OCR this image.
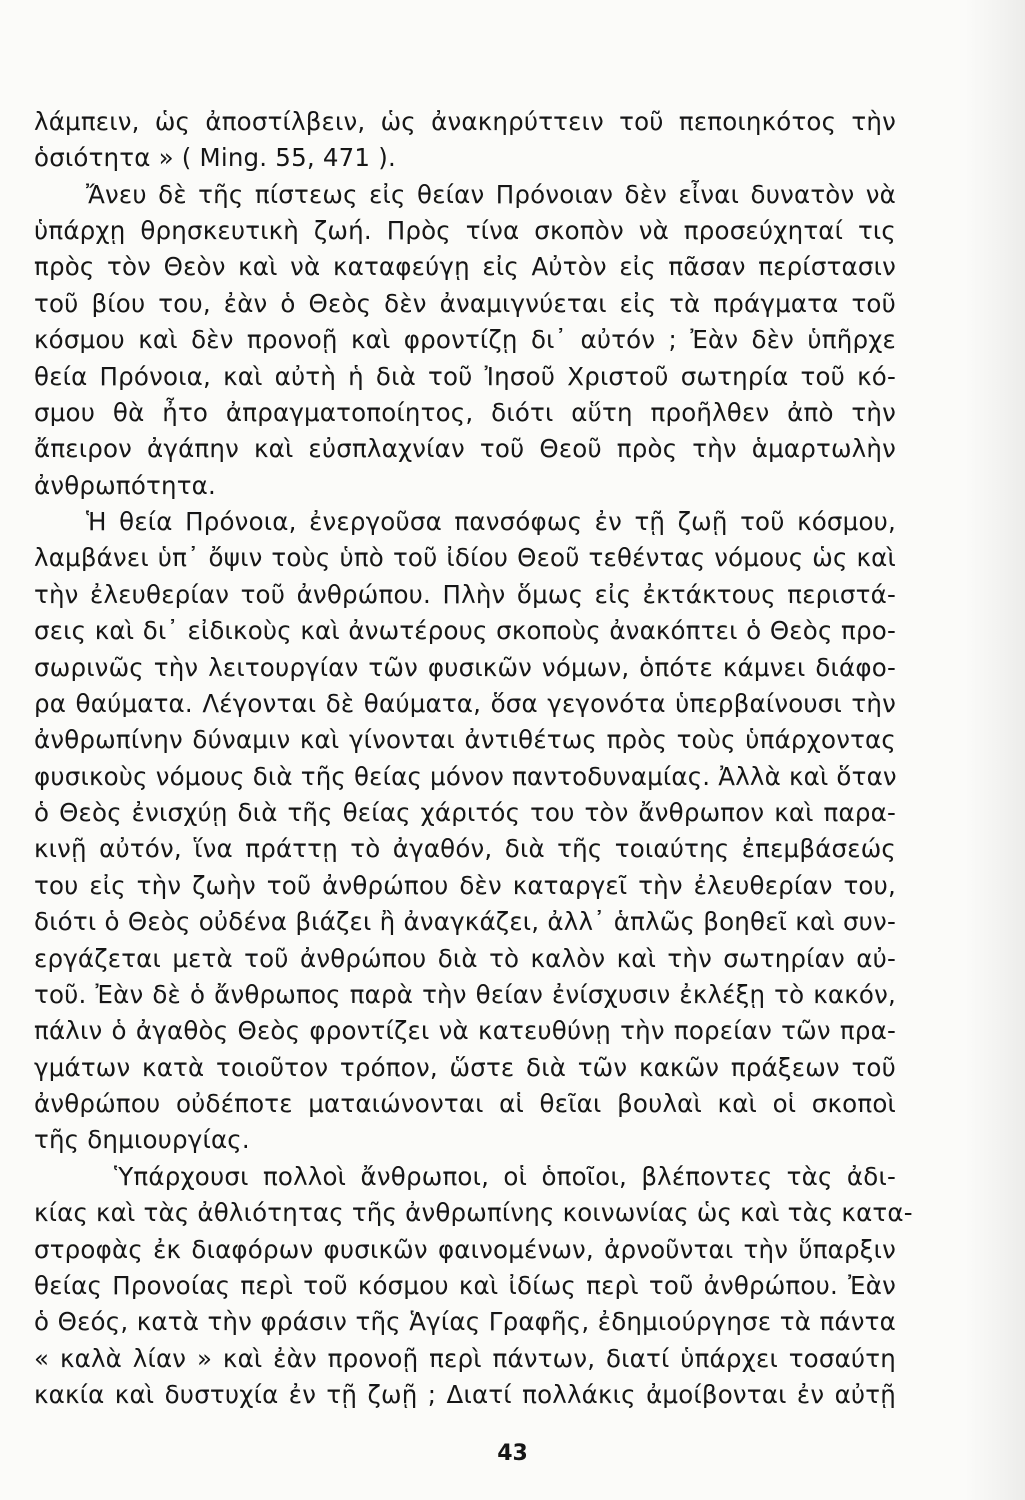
λάμπειν, ὡς ἀποστίλβειν, ὡς ἀνακηρύττειν τοῦ πεποιηκότος τὴν
ὁσιότητα » ( Ming. 55, 471 ).
Ἄνευ δὲ τῆς πίστεως εἰς θείαν Πρόνοιαν δὲν εἶναι δυνατὸν νὰ
ὑπάρχῃ θρησκευτικὴ ζωή. Πρὸς τίνα σκοπὸν νὰ προσεύχηταί τις
πρὸς τὸν Θεὸν καὶ νὰ καταφεύγῃ εἰς Αὐτὸν εἰς πᾶσαν περίστασιν
τοῦ βίου του, ἐὰν ὁ Θεὸς δὲν ἀναμιγνύεται εἰς τὰ πράγματα τοῦ
κόσμου καὶ δὲν προνοῇ καὶ φροντίζῃ δι᾽ αὐτόν ; Ἐὰν δὲν ὑπῆρχε
θεία Πρόνοια, καὶ αὐτὴ ἡ διὰ τοῦ Ἰησοῦ Χριστοῦ σωτηρία τοῦ κό-
σμου θὰ ἦτο ἀπραγματοποίητος, διότι αὕτη προῆλθεν ἀπὸ τὴν
ἄπειρον ἀγάπην καὶ εὐσπλαχνίαν τοῦ Θεοῦ πρὸς τὴν ἁμαρτωλὴν
ἀνθρωπότητα.
Ἡ θεία Πρόνοια, ἐνεργοῦσα πανσόφως ἐν τῇ ζωῇ τοῦ κόσμου,
λαμβάνει ὑπ᾽ ὄψιν τοὺς ὑπὸ τοῦ ἰδίου Θεοῦ τεθέντας νόμους ὡς καὶ
τὴν ἐλευθερίαν τοῦ ἀνθρώπου. Πλὴν ὅμως εἰς ἐκτάκτους περιστά-
σεις καὶ δι᾽ εἰδικοὺς καὶ ἀνωτέρους σκοποὺς ἀνακόπτει ὁ Θεὸς προ-
σωρινῶς τὴν λειτουργίαν τῶν φυσικῶν νόμων, ὁπότε κάμνει διάφο-
ρα θαύματα. Λέγονται δὲ θαύματα, ὅσα γεγονότα ὑπερβαίνουσι τὴν
ἀνθρωπίνην δύναμιν καὶ γίνονται ἀντιθέτως πρὸς τοὺς ὑπάρχοντας
φυσικοὺς νόμους διὰ τῆς θείας μόνον παντοδυναμίας. Ἀλλὰ καὶ ὅταν
ὁ Θεὸς ἐνισχύῃ διὰ τῆς θείας χάριτός του τὸν ἄνθρωπον καὶ παρα-
κινῇ αὐτόν, ἵνα πράττῃ τὸ ἀγαθόν, διὰ τῆς τοιαύτης ἐπεμβάσεώς
του εἰς τὴν ζωὴν τοῦ ἀνθρώπου δὲν καταργεῖ τὴν ἐλευθερίαν του,
διότι ὁ Θεὸς οὐδένα βιάζει ἢ ἀναγκάζει, ἀλλ᾽ ἁπλῶς βοηθεῖ καὶ συν-
εργάζεται μετὰ τοῦ ἀνθρώπου διὰ τὸ καλὸν καὶ τὴν σωτηρίαν αὐ-
τοῦ. Ἐὰν δὲ ὁ ἄνθρωπος παρὰ τὴν θείαν ἐνίσχυσιν ἐκλέξῃ τὸ κακόν,
πάλιν ὁ ἀγαθὸς Θεὸς φροντίζει νὰ κατευθύνῃ τὴν πορείαν τῶν πρα-
γμάτων κατὰ τοιοῦτον τρόπον, ὥστε διὰ τῶν κακῶν πράξεων τοῦ
ἀνθρώπου οὐδέποτε ματαιώνονται αἱ θεῖαι βουλαὶ καὶ οἱ σκοποὶ
τῆς δημιουργίας.
Ὑπάρχουσι πολλοὶ ἄνθρωποι, οἱ ὁποῖοι, βλέποντες τὰς ἀδι-
κίας καὶ τὰς ἀθλιότητας τῆς ἀνθρωπίνης κοινωνίας ὡς καὶ τὰς κατα-
στροφὰς ἐκ διαφόρων φυσικῶν φαινομένων, ἀρνοῦνται τὴν ὕπαρξιν
θείας Προνοίας περὶ τοῦ κόσμου καὶ ἰδίως περὶ τοῦ ἀνθρώπου. Ἐὰν
ὁ Θεός, κατὰ τὴν φράσιν τῆς Ἁγίας Γραφῆς, ἐδημιούργησε τὰ πάντα
« καλὰ λίαν » καὶ ἐὰν προνοῇ περὶ πάντων, διατί ὑπάρχει τοσαύτη
κακία καὶ δυστυχία ἐν τῇ ζωῇ ; Διατί πολλάκις ἀμοίβονται ἐν αὐτῇ
43
